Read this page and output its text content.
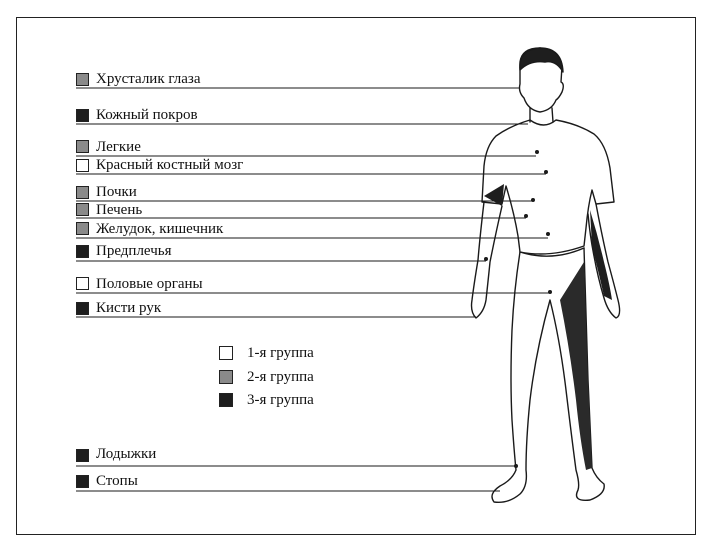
Хрусталик глаза
Кожный покров
Легкие
Красный костный мозг
Почки
Печень
Желудок, кишечник
Предплечья
Половые органы
Кисти рук
Лодыжки
Стопы
1-я группа
2-я группа
3-я группа
